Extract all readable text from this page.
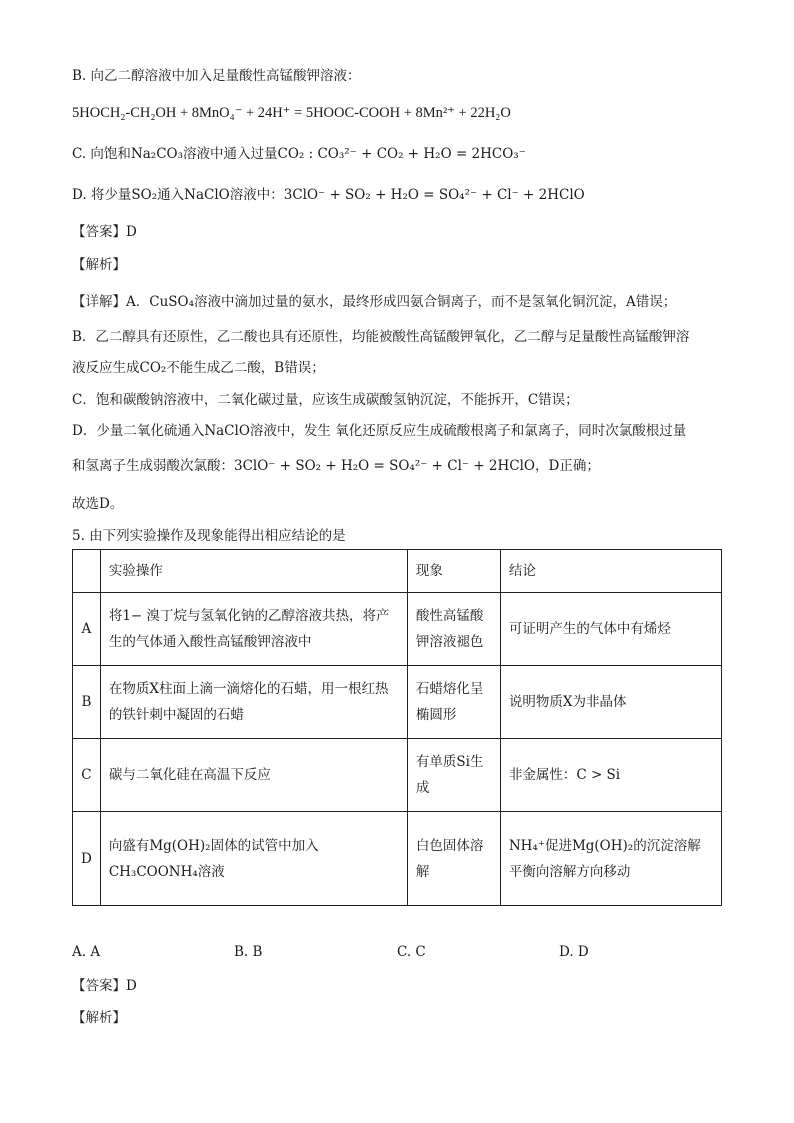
B. 向乙二醇溶液中加入足量酸性高锰酸钾溶液：
5HOCH₂-CH₂OH + 8MnO₄⁻ + 24H⁺ = 5HOOC-COOH + 8Mn²⁺ + 22H₂O
C. 向饱和Na₂CO₃溶液中通入过量CO₂ : CO₃²⁻ + CO₂ + H₂O = 2HCO₃⁻
D. 将少量SO₂通入NaClO溶液中：3ClO⁻ + SO₂ + H₂O = SO₄²⁻ + Cl⁻ + 2HClO
【答案】D
【解析】
【详解】A．CuSO₄溶液中滴加过量的氨水，最终形成四氨合铜离子，而不是氢氧化铜沉淀，A错误；
B．乙二醇具有还原性，乙二酸也具有还原性，均能被酸性高锰酸钾氧化，乙二醇与足量酸性高锰酸钾溶
液反应生成CO₂不能生成乙二酸，B错误；
C．饱和碳酸钠溶液中，二氧化碳过量，应该生成碳酸氢钠沉淀，不能拆开，C错误；
D．少量二氧化硫通入NaClO溶液中，发生 氧化还原反应生成硫酸根离子和氯离子，同时次氯酸根过量
和氢离子生成弱酸次氯酸：3ClO⁻ + SO₂ + H₂O = SO₄²⁻ + Cl⁻ + 2HClO，D正确；
故选D。
5. 由下列实验操作及现象能得出相应结论的是
	实验操作	现象	结论
A	将1− 溴丁烷与氢氧化钠的乙醇溶液共热，将产生的气体通入酸性高锰酸钾溶液中	酸性高锰酸钾溶液褪色	可证明产生的气体中有烯烃
B	在物质X柱面上滴一滴熔化的石蜡，用一根红热的铁针刺中凝固的石蜡	石蜡熔化呈椭圆形	说明物质X为非晶体
C	碳与二氧化硅在高温下反应	有单质Si生成	非金属性：C > Si
D	向盛有Mg(OH)₂固体的试管中加入CH₃COONH₄溶液	白色固体溶解	NH₄⁺促进Mg(OH)₂的沉淀溶解平衡向溶解方向移动
A. A	B. B	C. C	D. D
【答案】D
【解析】
